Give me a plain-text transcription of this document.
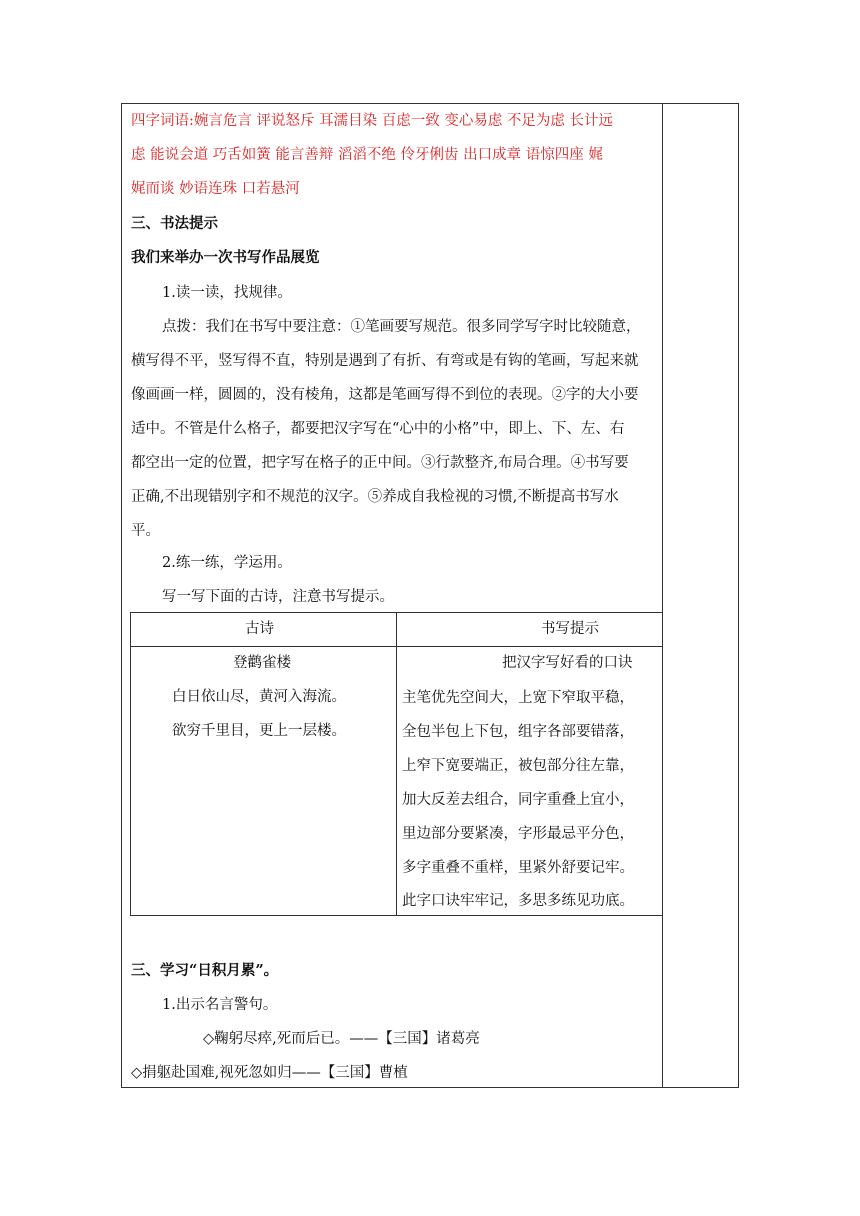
四字词语:婉言危言 评说怒斥 耳濡目染 百虑一致 变心易虑 不足为虑 长计远
虑 能说会道 巧舌如簧 能言善辩 滔滔不绝 伶牙俐齿 出口成章 语惊四座 娓
娓而谈 妙语连珠 口若悬河
三、书法提示
我们来举办一次书写作品展览
1.读一读，找规律。
点拨：我们在书写中要注意：①笔画要写规范。很多同学写字时比较随意，
横写得不平，竖写得不直，特别是遇到了有折、有弯或是有钩的笔画，写起来就
像画画一样，圆圆的，没有棱角，这都是笔画写得不到位的表现。②字的大小要
适中。不管是什么格子，都要把汉字写在“心中的小格”中，即上、下、左、右
都空出一定的位置，把字写在格子的正中间。③行款整齐,布局合理。④书写要
正确,不出现错别字和不规范的汉字。⑤养成自我检视的习惯,不断提高书写水
平。
2.练一练，学运用。
写一写下面的古诗，注意书写提示。
古诗	书写提示
登鹳雀楼
白日依山尽，黄河入海流。
欲穷千里目，更上一层楼。
把汉字写好看的口诀
主笔优先空间大，上宽下窄取平稳，
全包半包上下包，组字各部要错落，
上窄下宽要端正，被包部分往左靠，
加大反差去组合，同字重叠上宜小，
里边部分要紧凑，字形最忌平分色，
多字重叠不重样，里紧外舒要记牢。
此字口诀牢牢记，多思多练见功底。
三、学习“日积月累”。
1.出示名言警句。
◇鞠躬尽瘁,死而后已。——【三国】诸葛亮
◇捐躯赴国难,视死忽如归——【三国】曹植
